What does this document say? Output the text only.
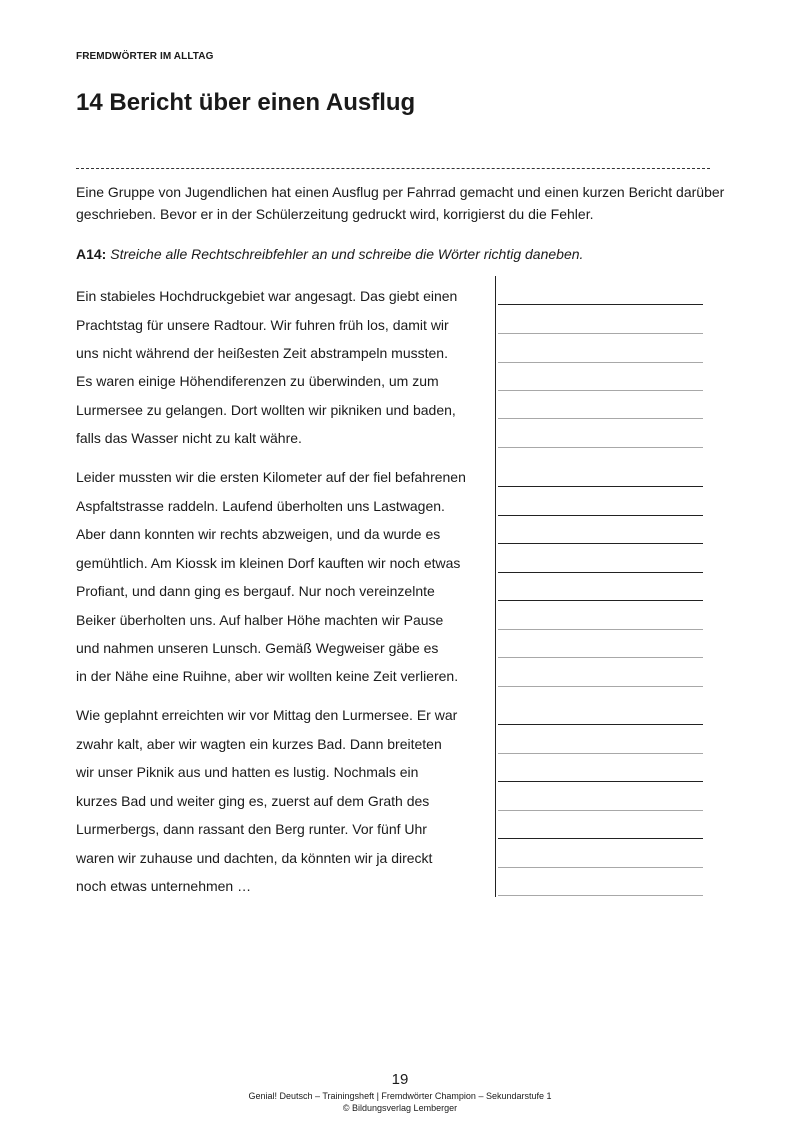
FREMDWÖRTER IM ALLTAG
14 Bericht über einen Ausflug

Eine Gruppe von Jugendlichen hat einen Ausflug per Fahrrad gemacht und einen kurzen Bericht darüber geschrieben. Bevor er in der Schülerzeitung gedruckt wird, korrigierst du die Fehler.

A14: Streiche alle Rechtschreibfehler an und schreibe die Wörter richtig daneben.
Ein stabieles Hochdruckgebiet war angesagt. Das giebt einen
Prachtstag für unsere Radtour. Wir fuhren früh los, damit wir
uns nicht während der heißesten Zeit abstrampeln mussten.
Es waren einige Höhendiferenzen zu überwinden, um zum
Lurmersee zu gelangen. Dort wollten wir pikniken und baden,
falls das Wasser nicht zu kalt währe.
Leider mussten wir die ersten Kilometer auf der fiel befahrenen
Aspfaltstrasse raddeln. Laufend überholten uns Lastwagen.
Aber dann konnten wir rechts abzweigen, und da wurde es
gemühtlich. Am Kiossk im kleinen Dorf kauften wir noch etwas
Profiant, und dann ging es bergauf. Nur noch vereinzelnte
Beiker überholten uns. Auf halber Höhe machten wir Pause
und nahmen unseren Lunsch. Gemäß Wegweiser gäbe es
in der Nähe eine Ruihne, aber wir wollten keine Zeit verlieren.
Wie geplahnt erreichten wir vor Mittag den Lurmersee. Er war
zwahr kalt, aber wir wagten ein kurzes Bad. Dann breiteten
wir unser Piknik aus und hatten es lustig. Nochmals ein
kurzes Bad und weiter ging es, zuerst auf dem Grath des
Lurmerbergs, dann rassant den Berg runter. Vor fünf Uhr
waren wir zuhause und dachten, da könnten wir ja direckt
noch etwas unternehmen …
19
Genial! Deutsch – Trainingsheft | Fremdwörter Champion – Sekundarstufe 1
© Bildungsverlag Lemberger
